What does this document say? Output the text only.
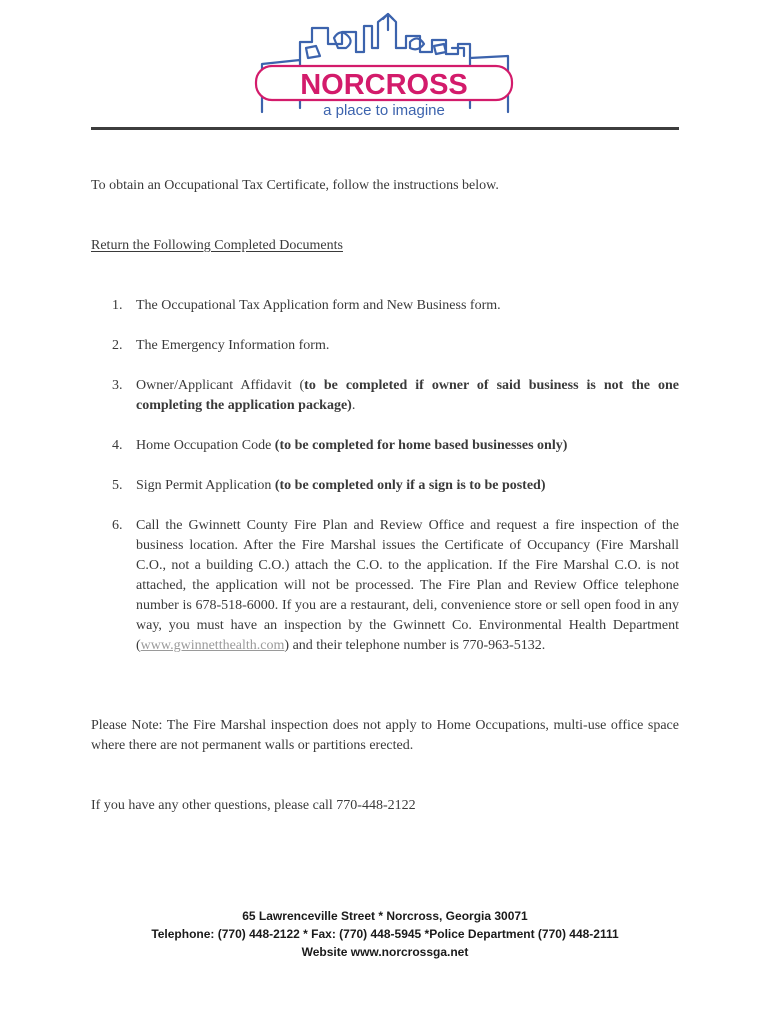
NORCROSS
a place to imagine

To obtain an Occupational Tax Certificate, follow the instructions below.

Return the Following Completed Documents

1. The Occupational Tax Application form and New Business form.
2. The Emergency Information form.
3. Owner/Applicant Affidavit (to be completed if owner of said business is not the one completing the application package).
4. Home Occupation Code (to be completed for home based businesses only)
5. Sign Permit Application (to be completed only if a sign is to be posted)
6. Call the Gwinnett County Fire Plan and Review Office and request a fire inspection of the business location. After the Fire Marshal issues the Certificate of Occupancy (Fire Marshall C.O., not a building C.O.) attach the C.O. to the application. If the Fire Marshal C.O. is not attached, the application will not be processed. The Fire Plan and Review Office telephone number is 678-518-6000. If you are a restaurant, deli, convenience store or sell open food in any way, you must have an inspection by the Gwinnett Co. Environmental Health Department (www.gwinnetthealth.com) and their telephone number is 770-963-5132.

Please Note: The Fire Marshal inspection does not apply to Home Occupations, multi-use office space where there are not permanent walls or partitions erected.

If you have any other questions, please call 770-448-2122

65 Lawrenceville Street * Norcross, Georgia 30071
Telephone: (770) 448-2122 * Fax: (770) 448-5945 *Police Department (770) 448-2111
Website www.norcrossga.net
